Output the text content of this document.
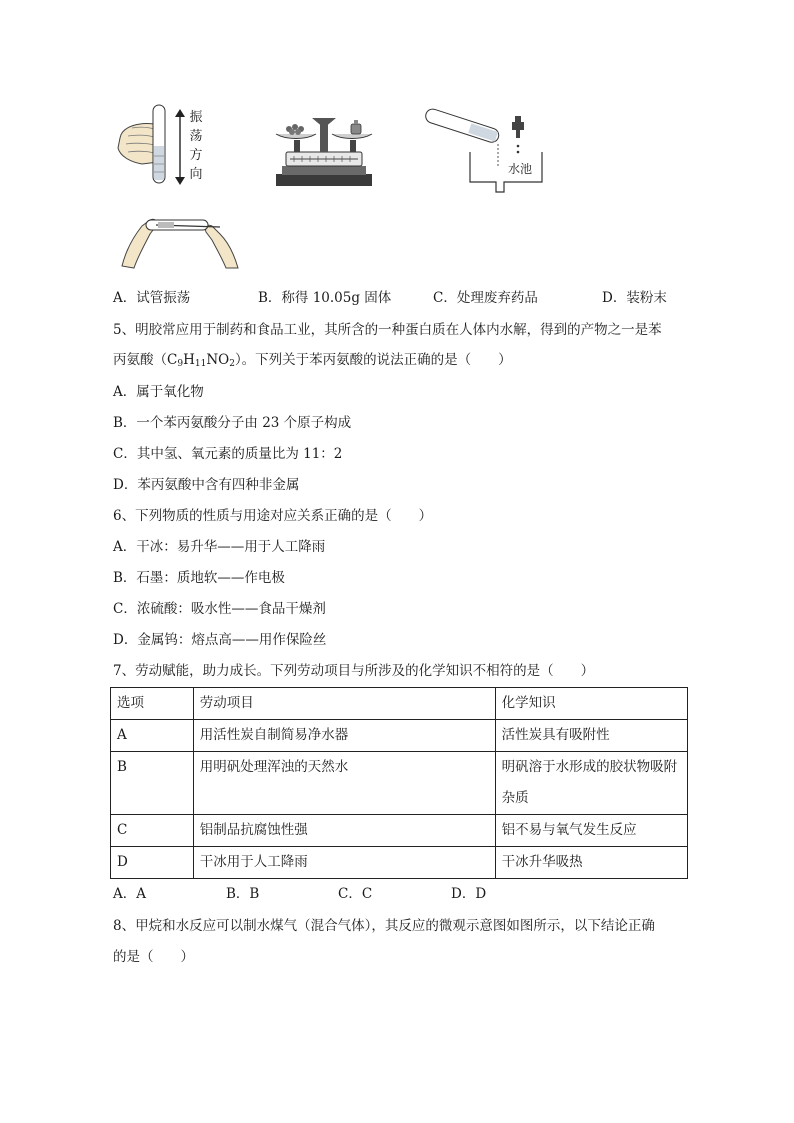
振
荡
方
向	水池
A．试管振荡	B．称得 10.05g 固体	C．处理废弃药品	D．装粉末
5、明胶常应用于制药和食品工业，其所含的一种蛋白质在人体内水解，得到的产物之一是苯
丙氨酸$(C_9H_{11}NO_2)$。下列关于苯丙氨酸的说法正确的是（　　）
A．属于氧化物
B．一个苯丙氨酸分子由 23 个原子构成
C．其中氢、氧元素的质量比为 11：2
D．苯丙氨酸中含有四种非金属
6、下列物质的性质与用途对应关系正确的是（　　）
A．干冰：易升华——用于人工降雨
B．石墨：质地软——作电极
C．浓硫酸：吸水性——食品干燥剂
D．金属钨：熔点高——用作保险丝
7、劳动赋能，助力成长。下列劳动项目与所涉及的化学知识不相符的是（　　）
选项	劳动项目	化学知识
A	用活性炭自制简易净水器	活性炭具有吸附性
B	用明矾处理浑浊的天然水	明矾溶于水形成的胶状物吸附杂质
C	铝制品抗腐蚀性强	铝不易与氧气发生反应
D	干冰用于人工降雨	干冰升华吸热
A．A	B．B	C．C	D．D
8、甲烷和水反应可以制水煤气（混合气体），其反应的微观示意图如图所示，以下结论正确
的是（　　）
